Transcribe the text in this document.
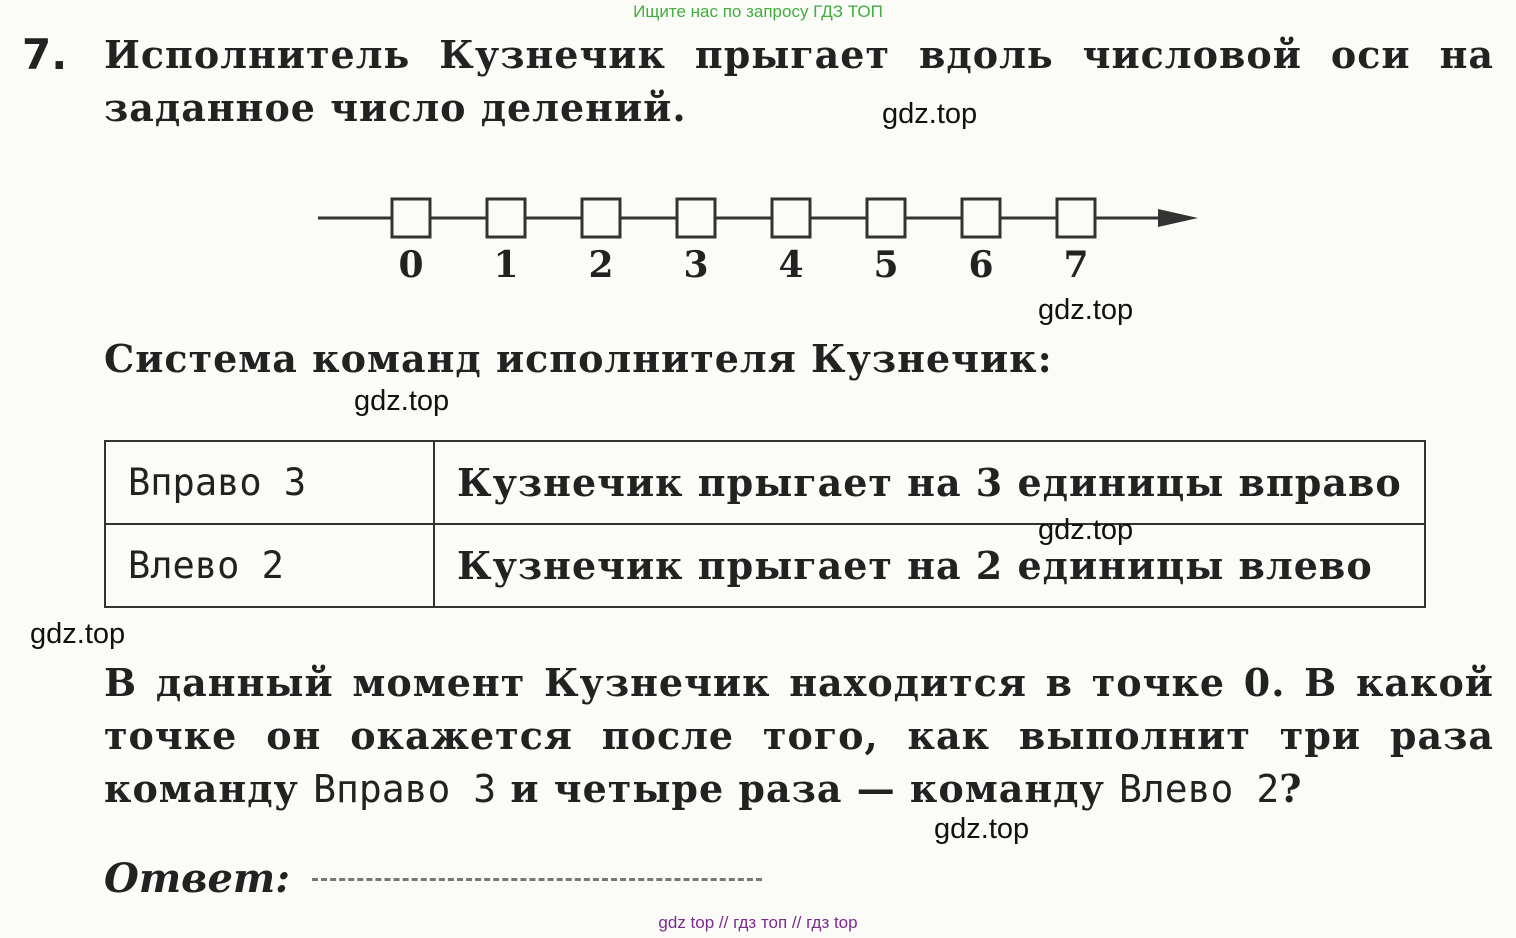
Ищите нас по запросу ГДЗ ТОП
7. Исполнитель Кузнечик прыгает вдоль числовой оси на
заданное число делений.
0 1 2 3 4 5 6 7
Система команд исполнителя Кузнечик:
Вправо 3	Кузнечик прыгает на 3 единицы вправо
Влево 2	Кузнечик прыгает на 2 единицы влево
В данный момент Кузнечик находится в точке 0. В какой
точке он окажется после того, как выполнит три раза
команду Вправо 3 и четыре раза — команду Влево 2?
Ответ:
gdz.top
gdz.top
gdz.top
gdz.top
gdz.top
gdz.top
gdz top // гдз топ // гдз top
